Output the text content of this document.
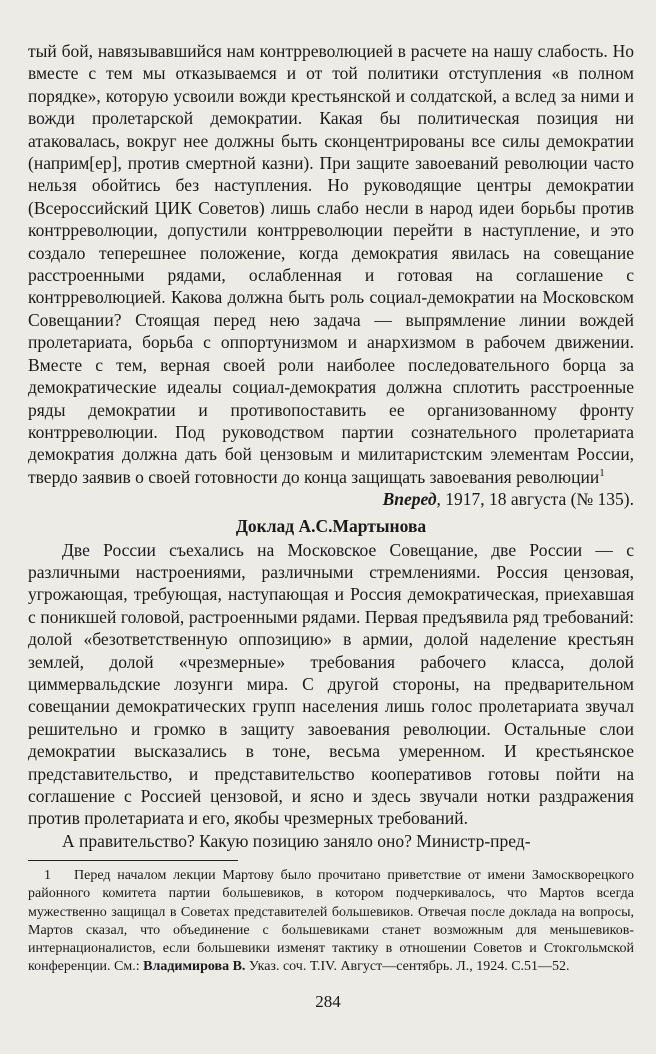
тый бой, навязывавшийся нам контрреволюцией в расчете на нашу слабость. Но вместе с тем мы отказываемся и от той политики отступления «в полном порядке», которую усвоили вожди крестьянской и солдатской, а вслед за ними и вожди пролетарской демократии. Какая бы политическая позиция ни атаковалась, вокруг нее должны быть сконцентрированы все силы демократии (наприм[ер], против смертной казни). При защите завоеваний революции часто нельзя обойтись без наступления. Но руководящие центры демократии (Всероссийский ЦИК Советов) лишь слабо несли в народ идеи борьбы против контрреволюции, допустили контрреволюции перейти в наступление, и это создало теперешнее положение, когда демократия явилась на совещание расстроенными рядами, ослабленная и готовая на соглашение с контрреволюцией. Какова должна быть роль социал-демократии на Московском Совещании? Стоящая перед нею задача — выпрямление линии вождей пролетариата, борьба с оппортунизмом и анархизмом в рабочем движении. Вместе с тем, верная своей роли наиболее последовательного борца за демократические идеалы социал-демократия должна сплотить расстроенные ряды демократии и противопоставить ее организованному фронту контрреволюции. Под руководством партии сознательного пролетариата демократия должна дать бой цензовым и милитаристским элементам России, твердо заявив о своей готовности до конца защищать завоевания революции$^1$

Вперед, 1917, 18 августа (№ 135).

Доклад А.С.Мартынова

Две России съехались на Московское Совещание, две России — с различными настроениями, различными стремлениями. Россия цензовая, угрожающая, требующая, наступающая и Россия демократическая, приехавшая с поникшей головой, растроенными рядами. Первая предъявила ряд требований: долой «безответственную оппозицию» в армии, долой наделение крестьян землей, долой «чрезмерные» требования рабочего класса, долой циммервальдские лозунги мира. С другой стороны, на предварительном совещании демократических групп населения лишь голос пролетариата звучал решительно и громко в защиту завоевания революции. Остальные слои демократии высказались в тоне, весьма умеренном. И крестьянское представительство, и представительство кооперативов готовы пойти на соглашение с Россией цензовой, и ясно и здесь звучали нотки раздражения против пролетариата и его, якобы чрезмерных требований.

А правительство? Какую позицию заняло оно? Министр-пред-

1 Перед началом лекции Мартову было прочитано приветствие от имени Замоскворецкого районного комитета партии большевиков, в котором подчеркивалось, что Мартов всегда мужественно защищал в Советах представителей большевиков. Отвечая после доклада на вопросы, Мартов сказал, что объединение с большевиками станет возможным для меньшевиков-интернационалистов, если большевики изменят тактику в отношении Советов и Стокгольмской конференции. См.: Владимирова В. Указ. соч. Т.IV. Август—сентябрь. Л., 1924. С.51—52.

284
